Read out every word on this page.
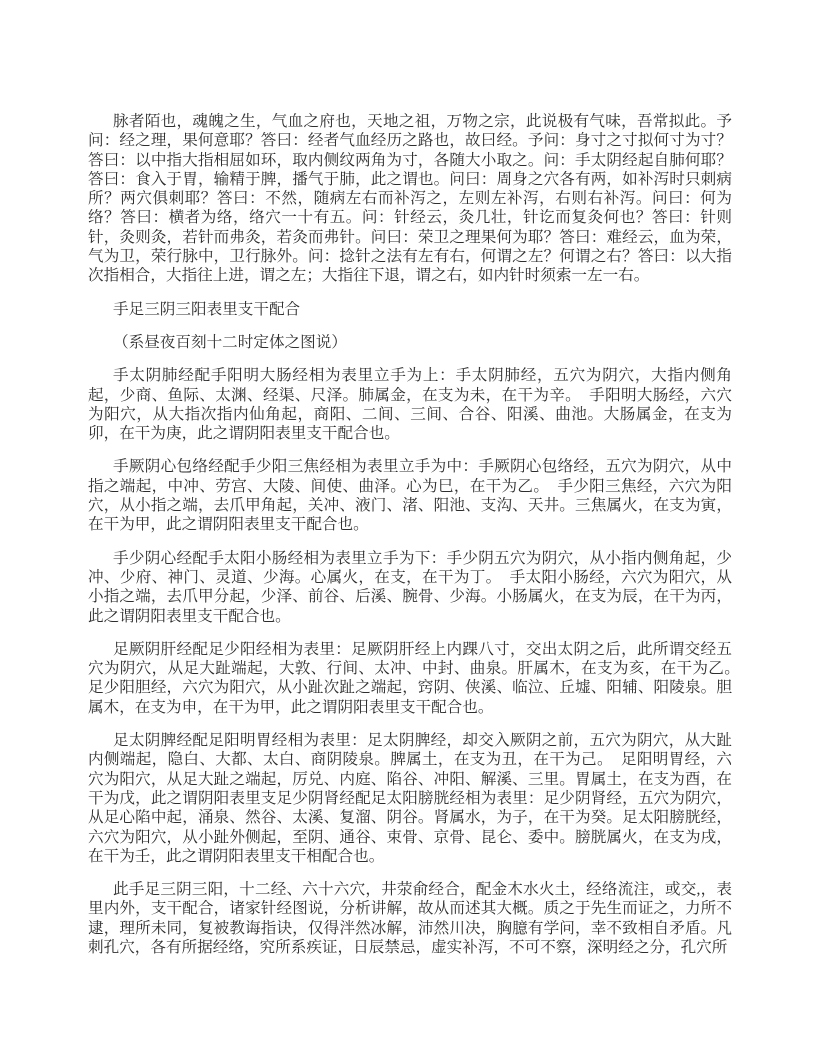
脉者陌也，魂魄之生，气血之府也，天地之祖，万物之宗，此说极有气味，吾常拟此。予问：经之理，果何意耶？答曰：经者气血经历之路也，故曰经。予问：身寸之寸拟何寸为寸？答曰：以中指大指相屈如环，取内侧纹两角为寸，各随大小取之。问：手太阴经起自肺何耶？答曰：食入于胃，输精于脾，播气于肺，此之谓也。问曰：周身之穴各有两，如补泻时只刺病所？两穴俱刺耶？答曰：不然，随病左右而补泻之，左则左补泻，右则右补泻。问曰：何为络？答曰：横者为络，络穴一十有五。问：针经云，灸几壮，针讫而复灸何也？答曰：针则针，灸则灸，若针而弗灸，若灸而弗针。问曰：荣卫之理果何为耶？答曰：难经云，血为荣，气为卫，荣行脉中，卫行脉外。问：捻针之法有左有右，何谓之左？何谓之右？答曰：以大指次指相合，大指往上进，谓之左；大指往下退，谓之右，如内针时须索一左一右。

手足三阴三阳表里支干配合

（系昼夜百刻十二时定体之图说）

手太阴肺经配手阳明大肠经相为表里立手为上：手太阴肺经，五穴为阴穴，大指内侧角起，少商、鱼际、太渊、经渠、尺泽。肺属金，在支为未，在干为辛。　手阳明大肠经，六穴为阳穴，从大指次指内仙角起，商阳、二间、三间、合谷、阳溪、曲池。大肠属金，在支为卯，在干为庚，此之谓阴阳表里支干配合也。

手厥阴心包络经配手少阳三焦经相为表里立手为中：手厥阴心包络经，五穴为阴穴，从中指之端起，中冲、劳宫、大陵、间使、曲泽。心为巳，在干为乙。　手少阳三焦经，六穴为阳穴，从小指之端，去爪甲角起，关冲、液门、渚、阳池、支沟、天井。三焦属火，在支为寅，在干为甲，此之谓阴阳表里支干配合也。

手少阴心经配手太阳小肠经相为表里立手为下：手少阴五穴为阴穴，从小指内侧角起，少冲、少府、神门、灵道、少海。心属火，在支，在干为丁。　手太阳小肠经，六穴为阳穴，从小指之端，去爪甲分起，少泽、前谷、后溪、腕骨、少海。小肠属火，在支为辰，在干为丙，此之谓阴阳表里支干配合也。

足厥阴肝经配足少阳经相为表里：足厥阴肝经上内踝八寸，交出太阴之后，此所谓交经五穴为阴穴，从足大趾端起，大敦、行间、太冲、中封、曲泉。肝属木，在支为亥，在干为乙。　足少阳胆经，六穴为阳穴，从小趾次趾之端起，窍阴、侠溪、临泣、丘墟、阳辅、阳陵泉。胆属木，在支为申，在干为甲，此之谓阴阳表里支干配合也。

足太阴脾经配足阳明胃经相为表里：足太阴脾经，却交入厥阴之前，五穴为阴穴，从大趾内侧端起，隐白、大都、太白、商阴陵泉。脾属土，在支为丑，在干为己。　足阳明胃经，六穴为阳穴，从足大趾之端起，厉兑、内庭、陷谷、冲阳、解溪、三里。胃属土，在支为酉，在干为戊，此之谓阴阳表里支足少阴肾经配足太阳膀胱经相为表里：足少阴肾经，五穴为阴穴，从足心陷中起，涌泉、然谷、太溪、复溜、阴谷。肾属水，为子，在干为癸。足太阳膀胱经，六穴为阳穴，从小趾外侧起，至阴、通谷、束骨、京骨、昆仑、委中。膀胱属火，在支为戌，在干为壬，此之谓阴阳表里支干相配合也。

此手足三阴三阳，十二经、六十六穴，井荥俞经合，配金木水火土，经络流注，或交,，表里内外，支干配合，诸家针经图说，分析讲解，故从而述其大概。质之于先生而证之，力所不逮，理所未同，复被教诲指诀，仅得泮然冰解，沛然川决，胸臆有学问，幸不致相自矛盾。凡刺孔穴，各有所据经络，究所系疾证，日辰禁忌，虚实补泻，不可不察，深明经之分，孔穴所
